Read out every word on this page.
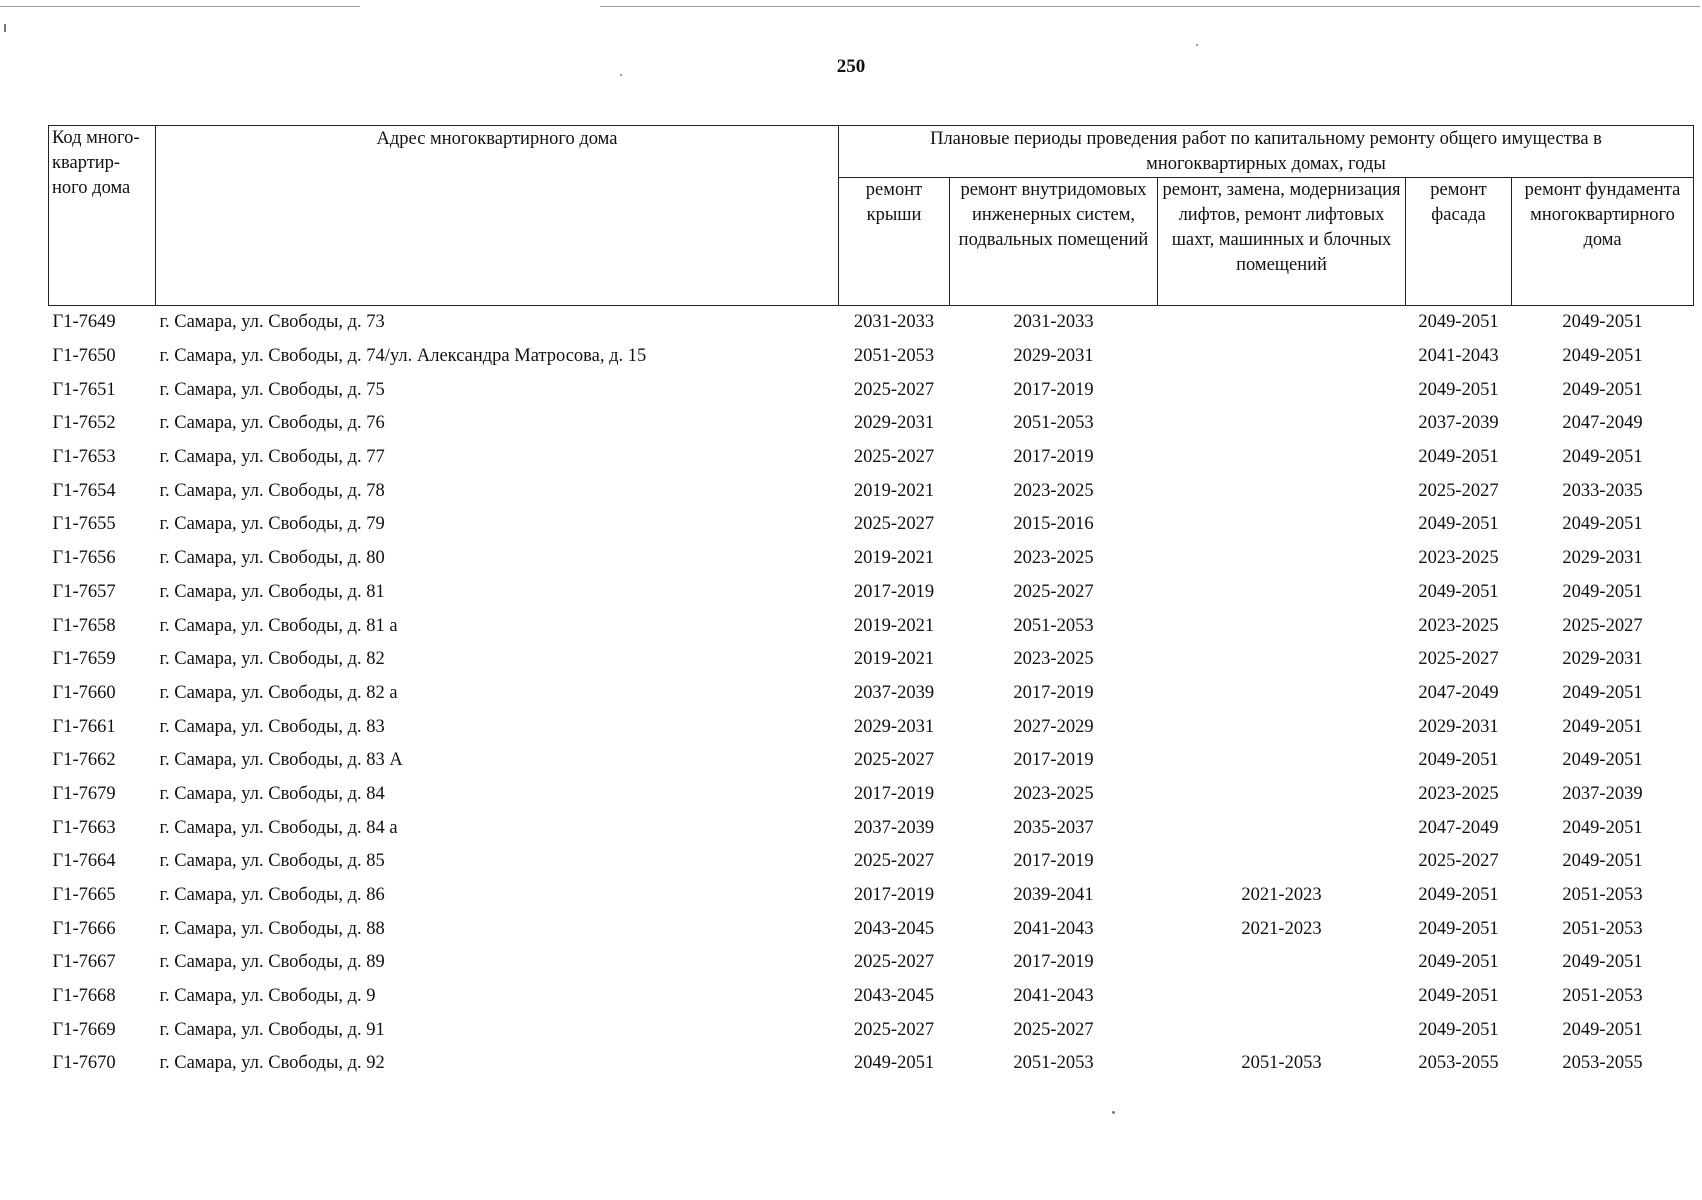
250
Код много-квартир-ного дома	Адрес многоквартирного дома	Плановые периоды проведения работ по капитальному ремонту общего имущества в многоквартирных домах, годы				
		ремонт крыши	ремонт внутридомовых инженерных систем, подвальных помещений	ремонт, замена, модернизация лифтов, ремонт лифтовых шахт, машинных и блочных помещений	ремонт фасада	ремонт фундамента многоквартирного дома
Г1-7649	г. Самара, ул. Свободы, д. 73	2031-2033	2031-2033		2049-2051	2049-2051
Г1-7650	г. Самара, ул. Свободы, д. 74/ул. Александра Матросова, д. 15	2051-2053	2029-2031		2041-2043	2049-2051
Г1-7651	г. Самара, ул. Свободы, д. 75	2025-2027	2017-2019		2049-2051	2049-2051
Г1-7652	г. Самара, ул. Свободы, д. 76	2029-2031	2051-2053		2037-2039	2047-2049
Г1-7653	г. Самара, ул. Свободы, д. 77	2025-2027	2017-2019		2049-2051	2049-2051
Г1-7654	г. Самара, ул. Свободы, д. 78	2019-2021	2023-2025		2025-2027	2033-2035
Г1-7655	г. Самара, ул. Свободы, д. 79	2025-2027	2015-2016		2049-2051	2049-2051
Г1-7656	г. Самара, ул. Свободы, д. 80	2019-2021	2023-2025		2023-2025	2029-2031
Г1-7657	г. Самара, ул. Свободы, д. 81	2017-2019	2025-2027		2049-2051	2049-2051
Г1-7658	г. Самара, ул. Свободы, д. 81 а	2019-2021	2051-2053		2023-2025	2025-2027
Г1-7659	г. Самара, ул. Свободы, д. 82	2019-2021	2023-2025		2025-2027	2029-2031
Г1-7660	г. Самара, ул. Свободы, д. 82 а	2037-2039	2017-2019		2047-2049	2049-2051
Г1-7661	г. Самара, ул. Свободы, д. 83	2029-2031	2027-2029		2029-2031	2049-2051
Г1-7662	г. Самара, ул. Свободы, д. 83 А	2025-2027	2017-2019		2049-2051	2049-2051
Г1-7679	г. Самара, ул. Свободы, д. 84	2017-2019	2023-2025		2023-2025	2037-2039
Г1-7663	г. Самара, ул. Свободы, д. 84 а	2037-2039	2035-2037		2047-2049	2049-2051
Г1-7664	г. Самара, ул. Свободы, д. 85	2025-2027	2017-2019		2025-2027	2049-2051
Г1-7665	г. Самара, ул. Свободы, д. 86	2017-2019	2039-2041	2021-2023	2049-2051	2051-2053
Г1-7666	г. Самара, ул. Свободы, д. 88	2043-2045	2041-2043	2021-2023	2049-2051	2051-2053
Г1-7667	г. Самара, ул. Свободы, д. 89	2025-2027	2017-2019		2049-2051	2049-2051
Г1-7668	г. Самара, ул. Свободы, д. 9	2043-2045	2041-2043		2049-2051	2051-2053
Г1-7669	г. Самара, ул. Свободы, д. 91	2025-2027	2025-2027		2049-2051	2049-2051
Г1-7670	г. Самара, ул. Свободы, д. 92	2049-2051	2051-2053	2051-2053	2053-2055	2053-2055
